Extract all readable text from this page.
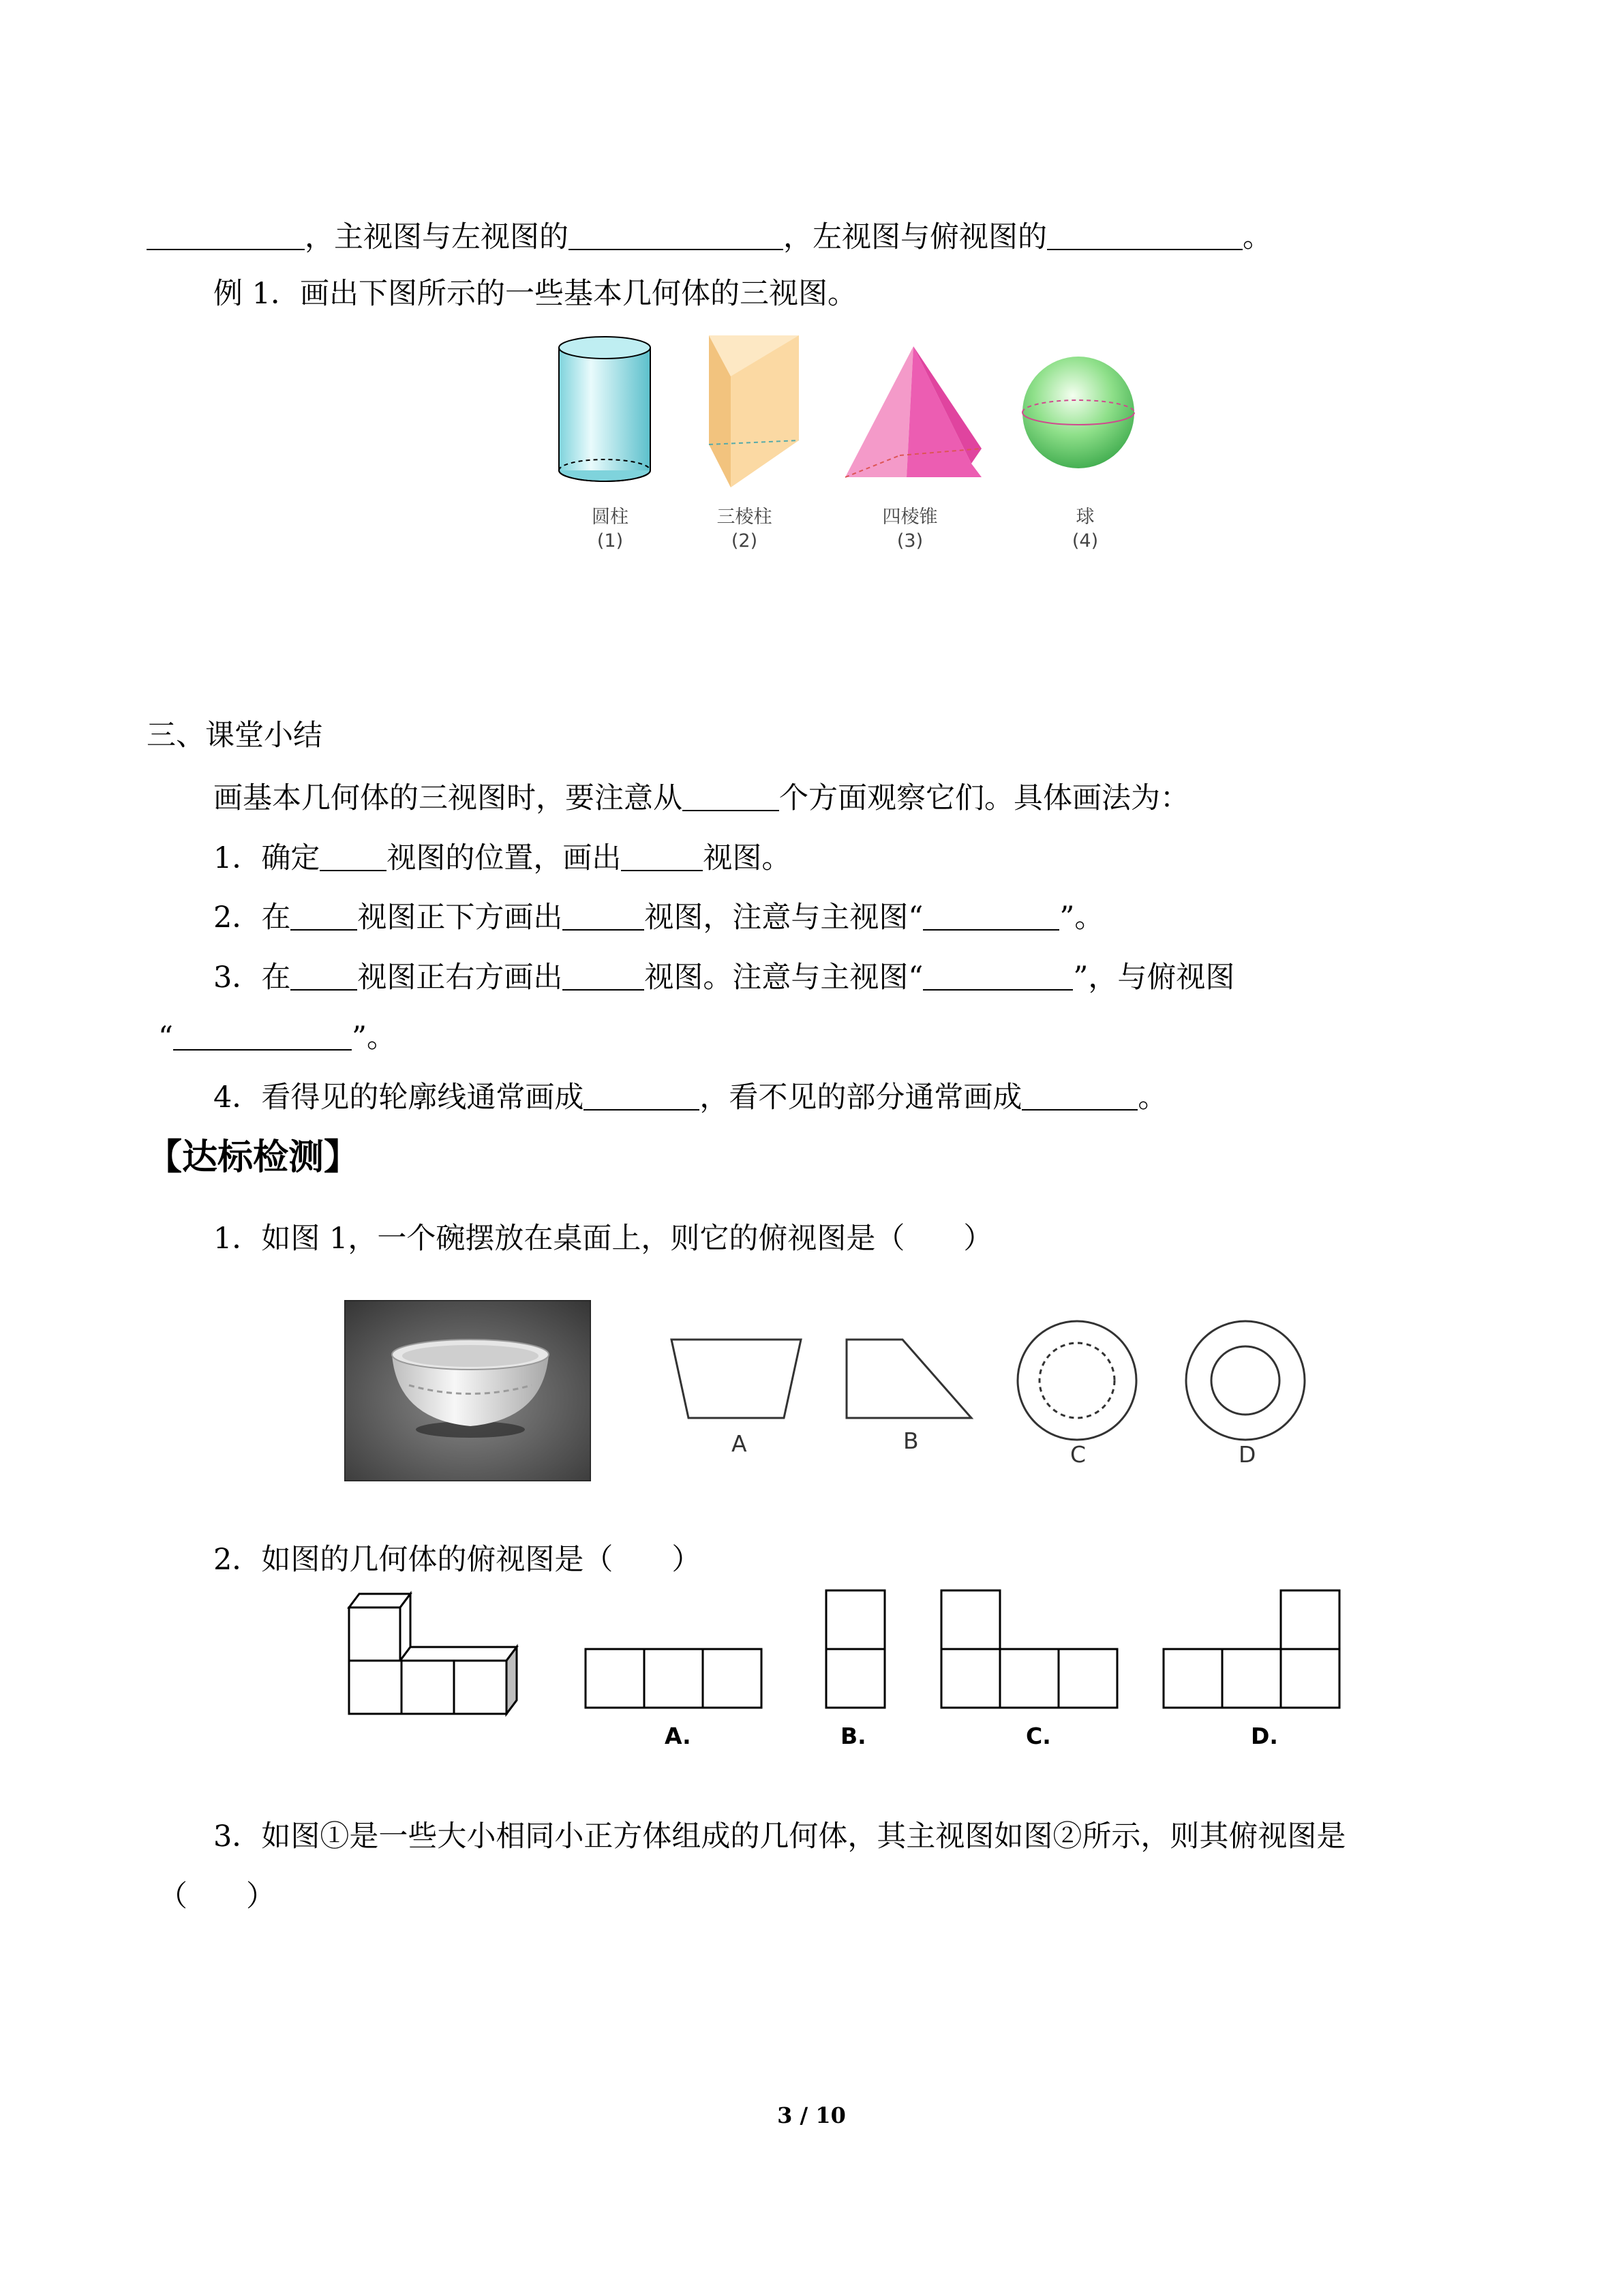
，主视图与左视图的	，左视图与俯视图的	。
例 1．画出下图所示的一些基本几何体的三视图。
圆柱
(1)
三棱柱
(2)
四棱锥
(3)
球
(4)
三、课堂小结
画基本几何体的三视图时，要注意从	个方面观察它们。具体画法为：
1．确定 视图的位置，画出	视图。
2．在 视图正下方画出	视图，注意与主视图“	”。
3．在 视图正右方画出	视图。注意与主视图“	”，与俯视图
“	”。
4．看得见的轮廓线通常画成	，看不见的部分通常画成	。
【达标检测】
1．如图 1，一个碗摆放在桌面上，则它的俯视图是（　　）
A	B
C	D
2．如图的几何体的俯视图是（　　）
A.	B.	C.	D.
3．如图①是一些大小相同小正方体组成的几何体，其主视图如图②所示，则其俯视图是
（　　）
3 / 10
